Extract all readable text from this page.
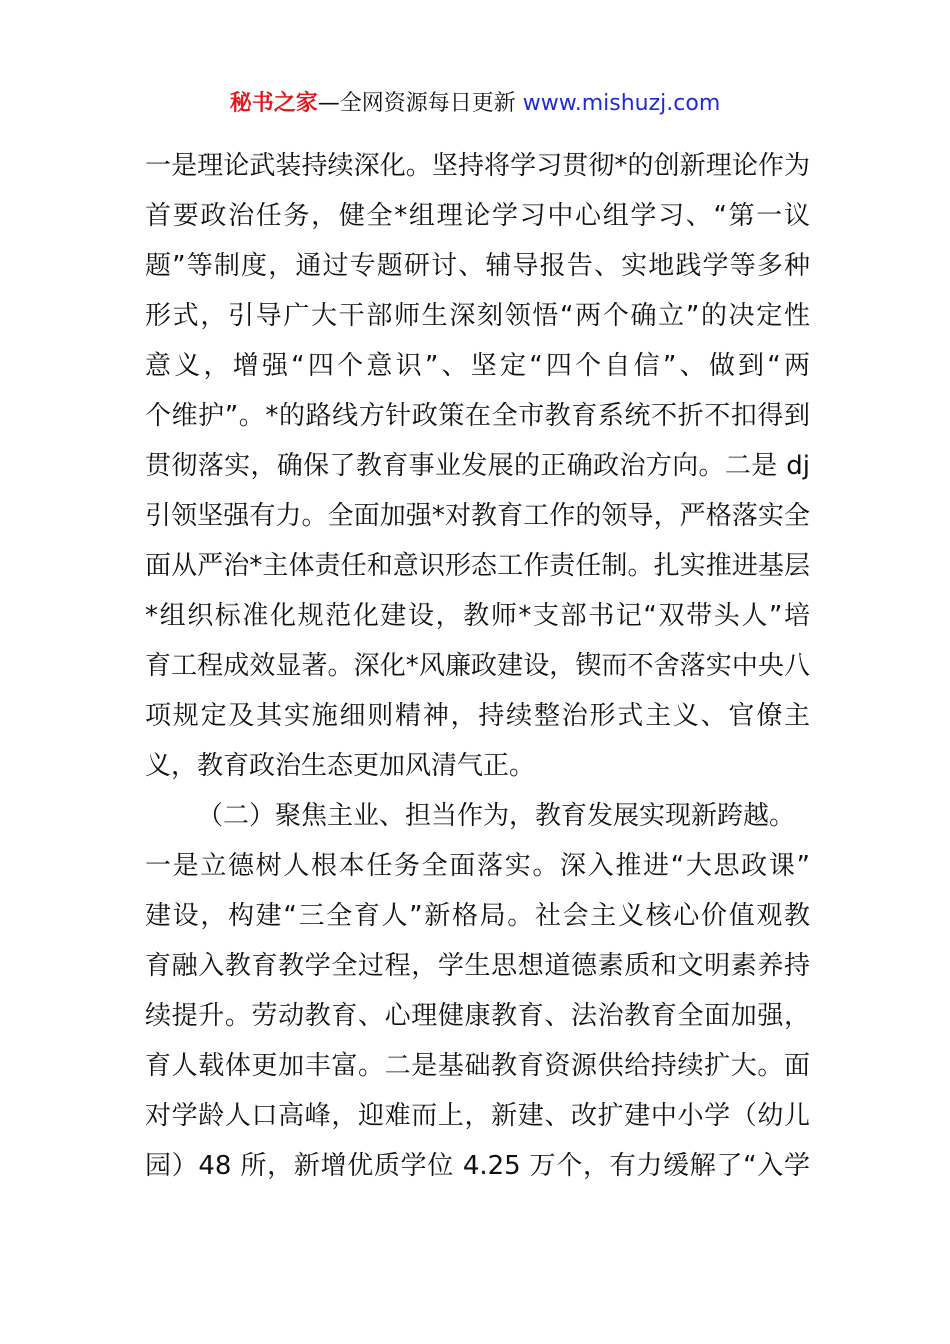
秘书之家—全网资源每日更新 www.mishuzj.com
一是理论武装持续深化。坚持将学习贯彻*的创新理论作为
首要政治任务，健全*组理论学习中心组学习、“第一议
题”等制度，通过专题研讨、辅导报告、实地践学等多种
形式，引导广大干部师生深刻领悟“两个确立”的决定性
意义，增强“四个意识”、坚定“四个自信”、做到“两
个维护”。*的路线方针政策在全市教育系统不折不扣得到
贯彻落实，确保了教育事业发展的正确政治方向。二是 dj
引领坚强有力。全面加强*对教育工作的领导，严格落实全
面从严治*主体责任和意识形态工作责任制。扎实推进基层
*组织标准化规范化建设，教师*支部书记“双带头人”培
育工程成效显著。深化*风廉政建设，锲而不舍落实中央八
项规定及其实施细则精神，持续整治形式主义、官僚主
义，教育政治生态更加风清气正。
（二）聚焦主业、担当作为，教育发展实现新跨越。
一是立德树人根本任务全面落实。深入推进“大思政课”
建设，构建“三全育人”新格局。社会主义核心价值观教
育融入教育教学全过程，学生思想道德素质和文明素养持
续提升。劳动教育、心理健康教育、法治教育全面加强，
育人载体更加丰富。二是基础教育资源供给持续扩大。面
对学龄人口高峰，迎难而上，新建、改扩建中小学（幼儿
园）48 所，新增优质学位 4.25 万个，有力缓解了“入学
